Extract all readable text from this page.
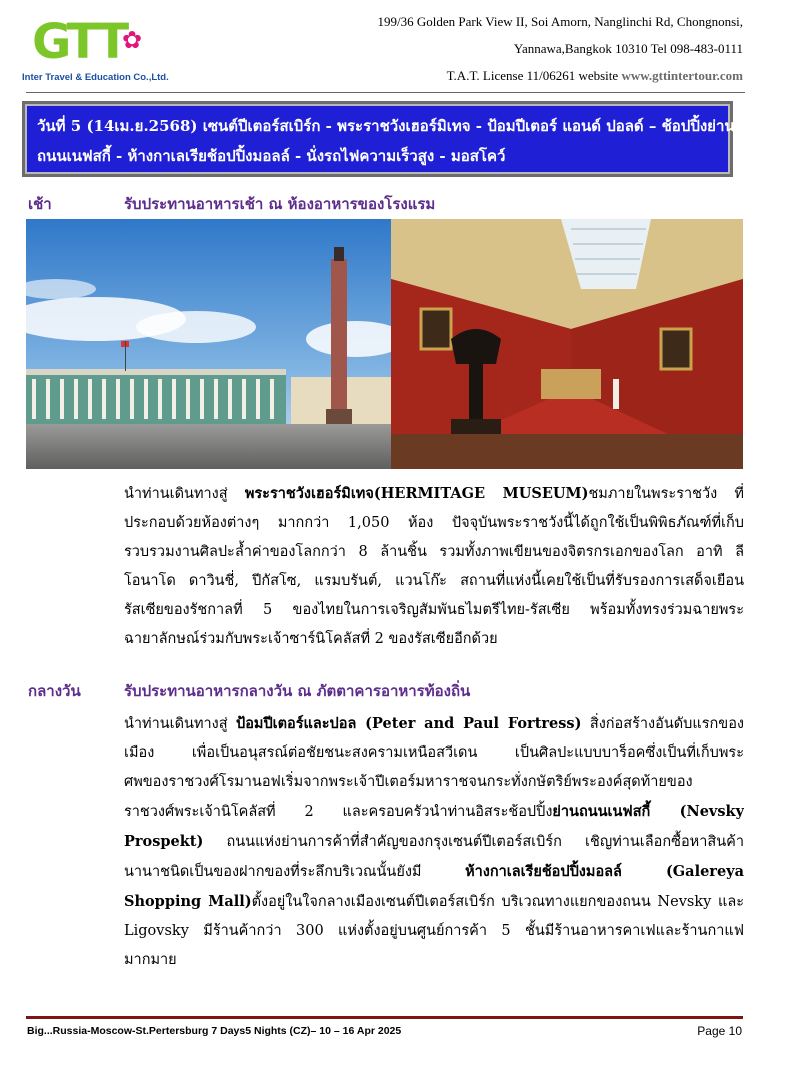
GTT
✿
Inter Travel & Education Co.,Ltd.
199/36 Golden Park View II, Soi Amorn, Nanglinchi Rd, Chongnonsi,
Yannawa,Bangkok 10310 Tel 098-483-0111
T.A.T. License 11/06261 website www.gttintertour.com
วันที่ 5 (14เม.ย.2568) เซนต์ปีเตอร์สเบิร์ก - พระราชวังเฮอร์มิเทจ - ป้อมปีเตอร์ แอนด์ ปอลด์ – ช้อปปิ้งย่าน
ถนนเนฟสกี้ - ห้างกาเลเรียช้อปปิ้งมอลล์ - นั่งรถไฟความเร็วสูง - มอสโคว์
เช้า	รับประทานอาหารเช้า ณ ห้องอาหารของโรงแรม
นำท่านเดินทางสู่ พระราชวังเฮอร์มิเทจ(HERMITAGE MUSEUM)ชมภายในพระราชวัง ที่
ประกอบด้วยห้องต่างๆ มากกว่า 1,050 ห้อง ปัจจุบันพระราชวังนี้ได้ถูกใช้เป็นพิพิธภัณฑ์ที่เก็บ
รวบรวมงานศิลปะล้ำค่าของโลกกว่า 8 ล้านชิ้น รวมทั้งภาพเขียนของจิตรกรเอกของโลก อาทิ ลี
โอนาโด ดาวินชี่, ปีกัสโซ, แรมบรันต์, แวนโก๊ะ สถานที่แห่งนี้เคยใช้เป็นที่รับรองการเสด็จเยือน
รัสเซียของรัชกาลที่ 5 ของไทยในการเจริญสัมพันธไมตรีไทย-รัสเซีย พร้อมทั้งทรงร่วมฉายพระ
ฉายาลักษณ์ร่วมกับพระเจ้าซาร์นิโคลัสที่ 2 ของรัสเซียอีกด้วย
กลางวัน	รับประทานอาหารกลางวัน ณ ภัตตาคารอาหารท้องถิ่น
นำท่านเดินทางสู่ ป้อมปีเตอร์และปอล (Peter and Paul Fortress) สิ่งก่อสร้างอันดับแรกของ
เมือง เพื่อเป็นอนุสรณ์ต่อชัยชนะสงครามเหนือสวีเดน เป็นศิลปะแบบบาร็อคซึ่งเป็นที่เก็บพระ
ศพของราชวงศ์โรมานอฟเริ่มจากพระเจ้าปีเตอร์มหาราชจนกระทั่งกษัตริย์พระองค์สุดท้ายของ
ราชวงศ์พระเจ้านิโคลัสที่ 2 และครอบครัวนำท่านอิสระช้อปปิ้งย่านถนนเนฟสกี้ (Nevsky
Prospekt) ถนนแห่งย่านการค้าที่สำคัญของกรุงเซนต์ปีเตอร์สเบิร์ก เชิญท่านเลือกซื้อหาสินค้า
นานาชนิดเป็นของฝากของที่ระลึกบริเวณนั้นยังมี ห้างกาเลเรียช้อปปิ้งมอลล์ (Galereya
Shopping Mall)ตั้งอยู่ในใจกลางเมืองเซนต์ปีเตอร์สเบิร์ก บริเวณทางแยกของถนน Nevsky และ
Ligovsky มีร้านค้ากว่า 300 แห่งตั้งอยู่บนศูนย์การค้า 5 ชั้นมีร้านอาหารคาเฟและร้านกาแฟ
มากมาย
Big...Russia-Moscow-St.Pertersburg 7 Days5 Nights (CZ)– 10 – 16 Apr 2025	Page 10
